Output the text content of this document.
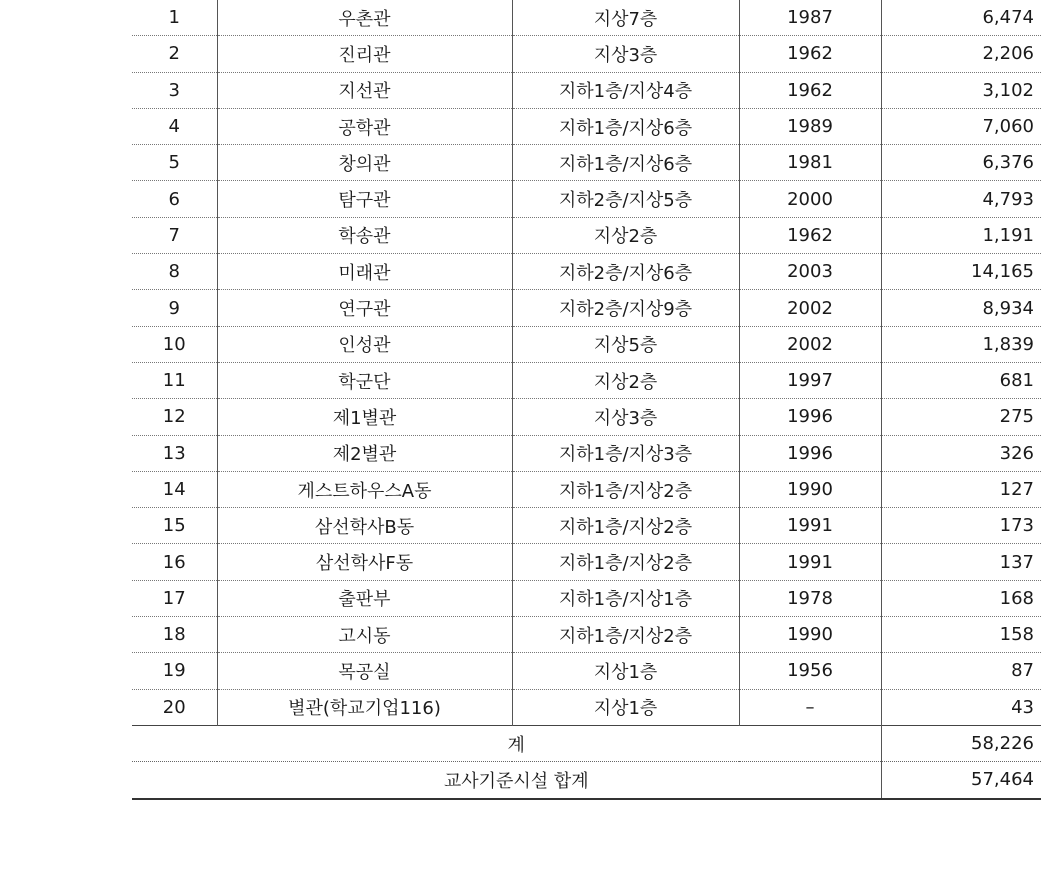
1	우촌관	지상7층	1987	6,474
2	진리관	지상3층	1962	2,206
3	지선관	지하1층/지상4층	1962	3,102
4	공학관	지하1층/지상6층	1989	7,060
5	창의관	지하1층/지상6층	1981	6,376
6	탐구관	지하2층/지상5층	2000	4,793
7	학송관	지상2층	1962	1,191
8	미래관	지하2층/지상6층	2003	14,165
9	연구관	지하2층/지상9층	2002	8,934
10	인성관	지상5층	2002	1,839
11	학군단	지상2층	1997	681
12	제1별관	지상3층	1996	275
13	제2별관	지하1층/지상3층	1996	326
14	게스트하우스A동	지하1층/지상2층	1990	127
15	삼선학사B동	지하1층/지상2층	1991	173
16	삼선학사F동	지하1층/지상2층	1991	137
17	출판부	지하1층/지상1층	1978	168
18	고시동	지하1층/지상2층	1990	158
19	목공실	지상1층	1956	87
20	별관(학교기업116)	지상1층	–	43
계				58,226
교사기준시설 합계				57,464
